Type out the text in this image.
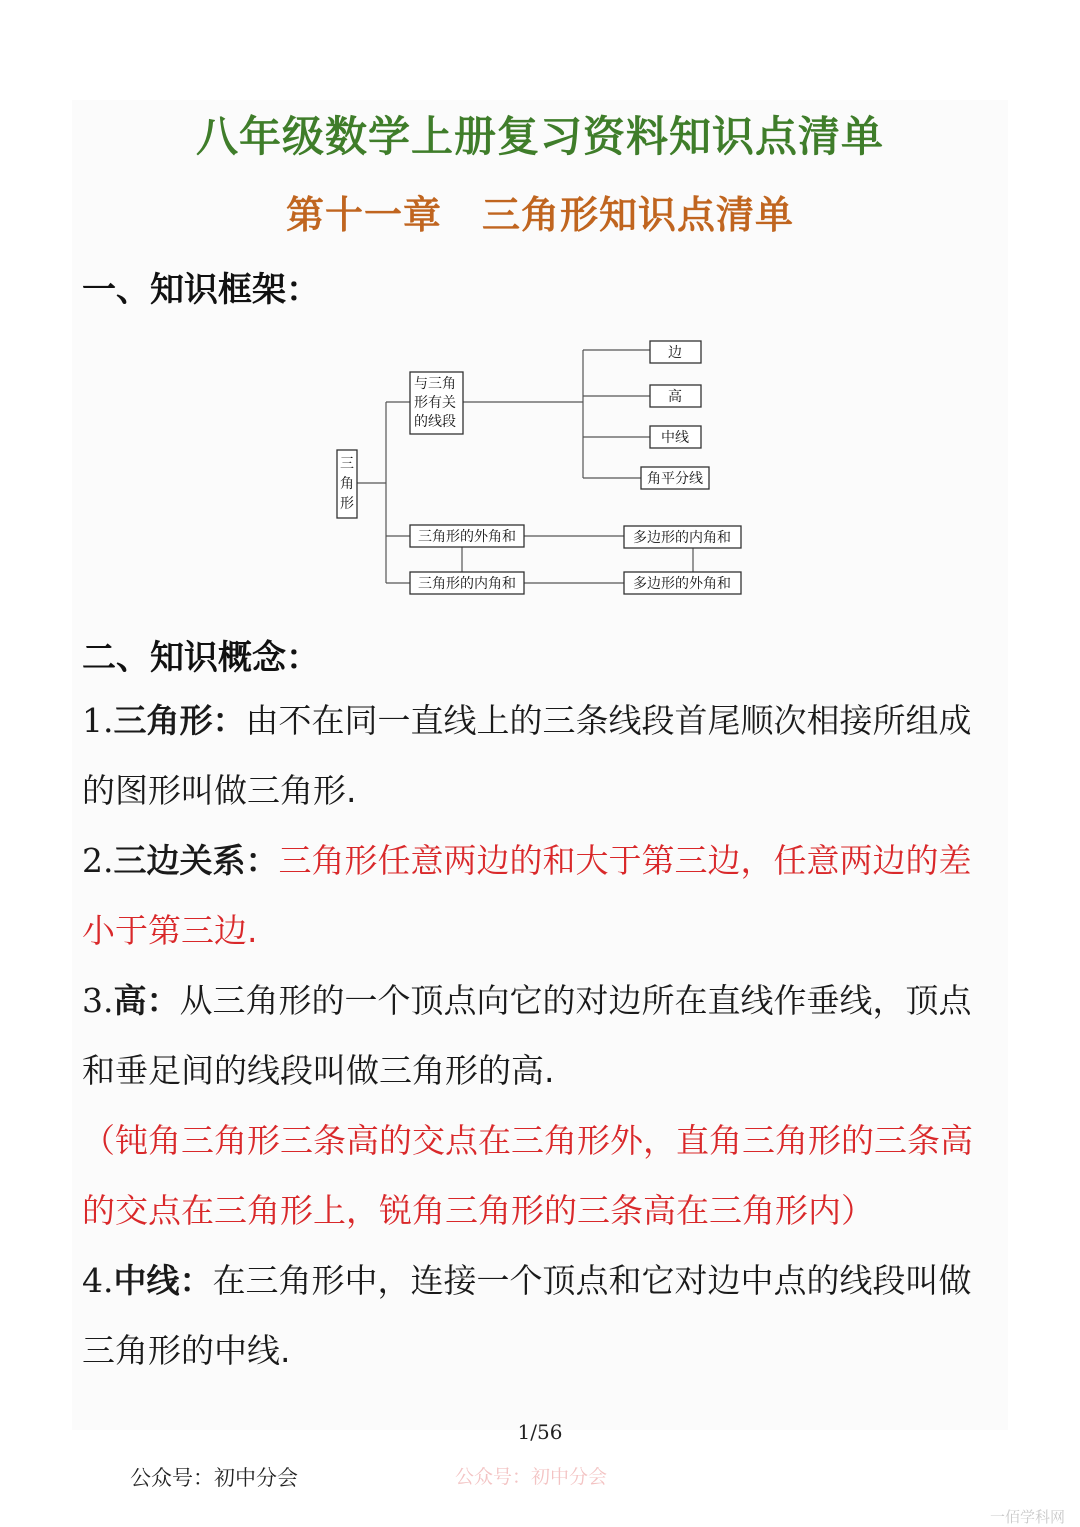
八年级数学上册复习资料知识点清单
第十一章 三角形知识点清单
一、知识框架：
三
角
形
与三角
形有关
的线段
边
高
中线
角平分线
三角形的外角和
三角形的内角和
多边形的内角和
多边形的外角和
二、知识概念：
1.三角形：由不在同一直线上的三条线段首尾顺次相接所组成的图形叫做三角形.
2.三边关系：三角形任意两边的和大于第三边，任意两边的差小于第三边.
3.高：从三角形的一个顶点向它的对边所在直线作垂线，顶点和垂足间的线段叫做三角形的高.
（钝角三角形三条高的交点在三角形外，直角三角形的三条高的交点在三角形上，锐角三角形的三条高在三角形内）
4.中线：在三角形中，连接一个顶点和它对边中点的线段叫做三角形的中线.
1/56
公众号：初中分会	公众号：初中分会
一佰学科网
